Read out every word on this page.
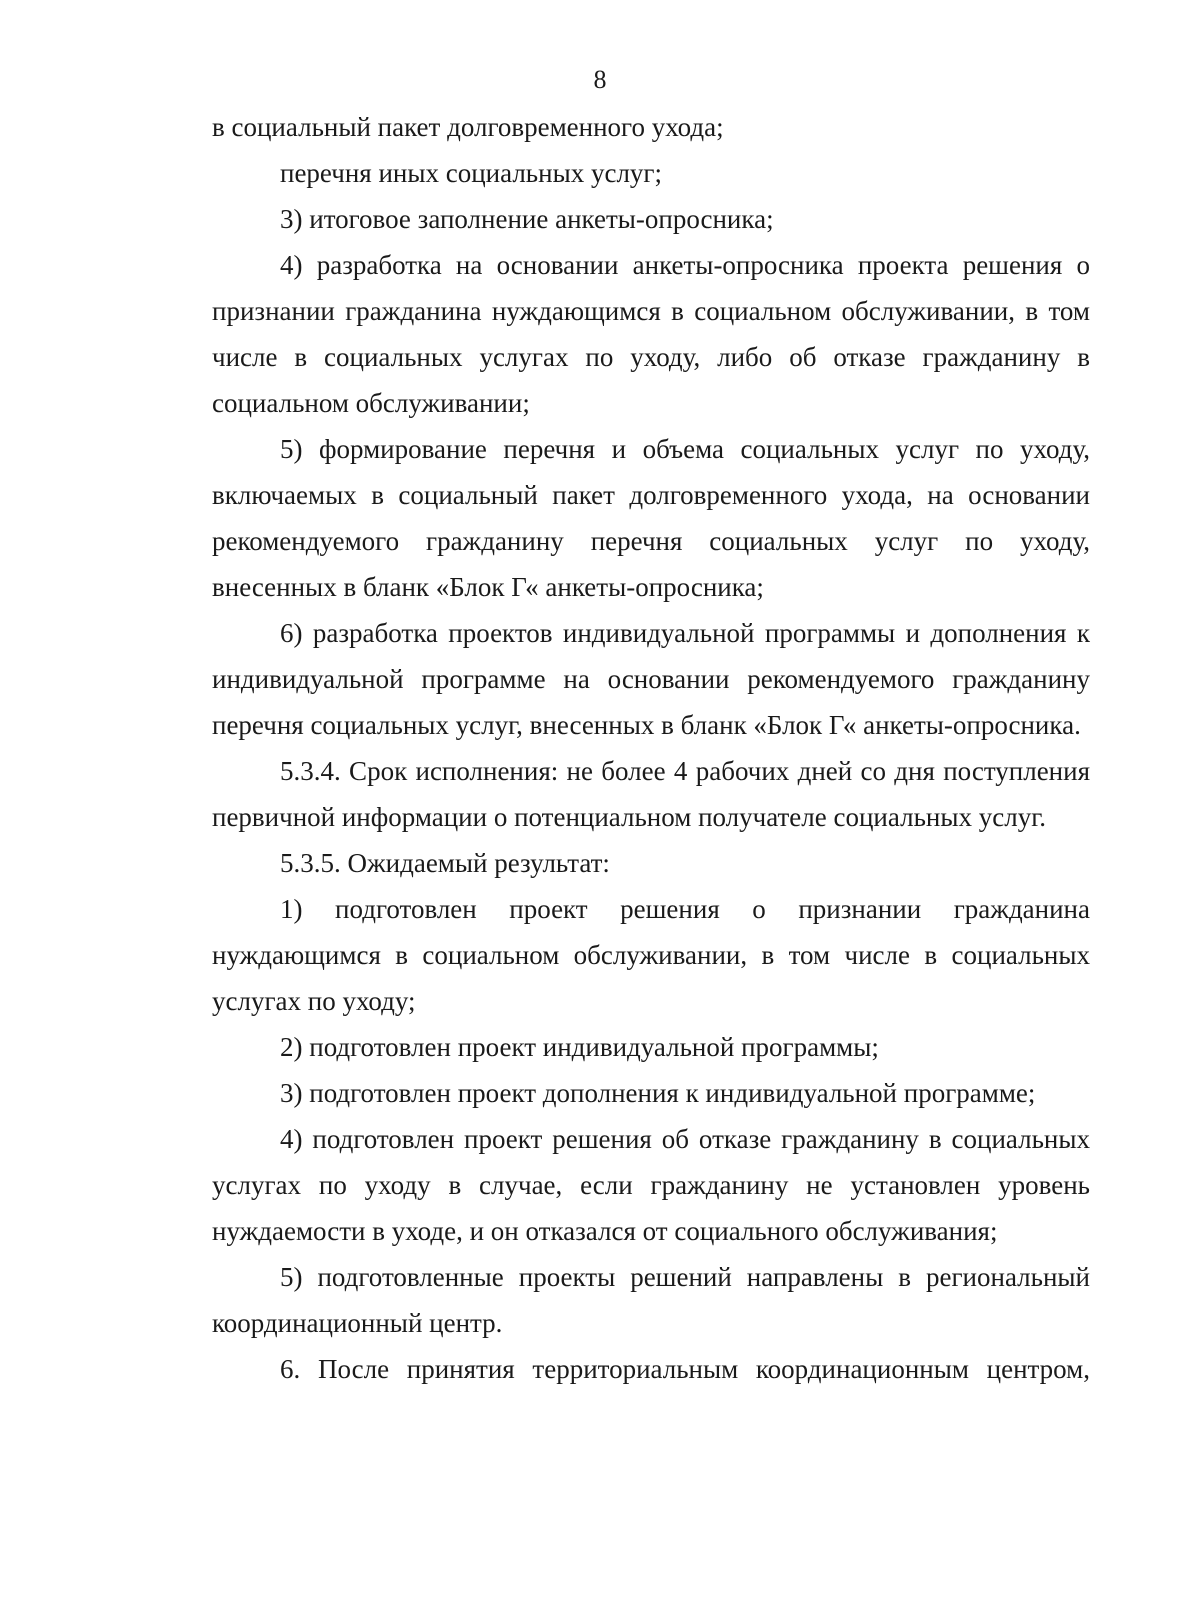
8

в социальный пакет долговременного ухода;

перечня иных социальных услуг;

3) итоговое заполнение анкеты-опросника;

4) разработка на основании анкеты-опросника проекта решения о признании гражданина нуждающимся в социальном обслуживании, в том числе в социальных услугах по уходу, либо об отказе гражданину в социальном обслуживании;

5) формирование перечня и объема социальных услуг по уходу, включаемых в социальный пакет долговременного ухода, на основании рекомендуемого гражданину перечня социальных услуг по уходу, внесенных в бланк «Блок Г« анкеты-опросника;

6) разработка проектов индивидуальной программы и дополнения к индивидуальной программе на основании рекомендуемого гражданину перечня социальных услуг, внесенных в бланк «Блок Г« анкеты-опросника.

5.3.4. Срок исполнения: не более 4 рабочих дней со дня поступления первичной информации о потенциальном получателе социальных услуг.

5.3.5. Ожидаемый результат:

1) подготовлен проект решения о признании гражданина нуждающимся в социальном обслуживании, в том числе в социальных услугах по уходу;

2) подготовлен проект индивидуальной программы;

3) подготовлен проект дополнения к индивидуальной программе;

4) подготовлен проект решения об отказе гражданину в социальных услугах по уходу в случае, если гражданину не установлен уровень нуждаемости в уходе, и он отказался от социального обслуживания;

5) подготовленные проекты решений направлены в региональный координационный центр.

6. После принятия территориальным координационным центром,
